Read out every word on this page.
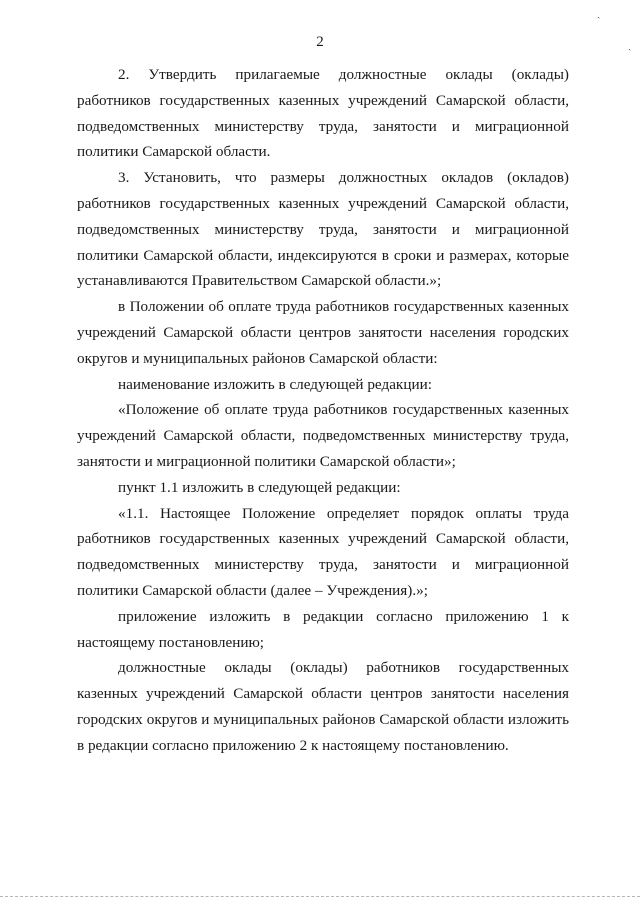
2
ˎ
ˎ

2. Утвердить прилагаемые должностные оклады (оклады) работников государственных казенных учреждений Самарской области, подведомственных министерству труда, занятости и миграционной политики Самарской области.

3. Установить, что размеры должностных окладов (окладов) работников государственных казенных учреждений Самарской области, подведомственных министерству труда, занятости и миграционной политики Самарской области, индексируются в сроки и размерах, которые устанавливаются Правительством Самарской области.»;

в Положении об оплате труда работников государственных казенных учреждений Самарской области центров занятости населения городских округов и муниципальных районов Самарской области:

наименование изложить в следующей редакции:

«Положение об оплате труда работников государственных казенных учреждений Самарской области, подведомственных министерству труда, занятости и миграционной политики Самарской области»;

пункт 1.1 изложить в следующей редакции:

«1.1. Настоящее Положение определяет порядок оплаты труда работников государственных казенных учреждений Самарской области, подведомственных министерству труда, занятости и миграционной политики Самарской области (далее – Учреждения).»;

приложение изложить в редакции согласно приложению 1 к настоящему постановлению;

должностные оклады (оклады) работников государственных казенных учреждений Самарской области центров занятости населения городских округов и муниципальных районов Самарской области изложить в редакции согласно приложению 2 к настоящему постановлению.
